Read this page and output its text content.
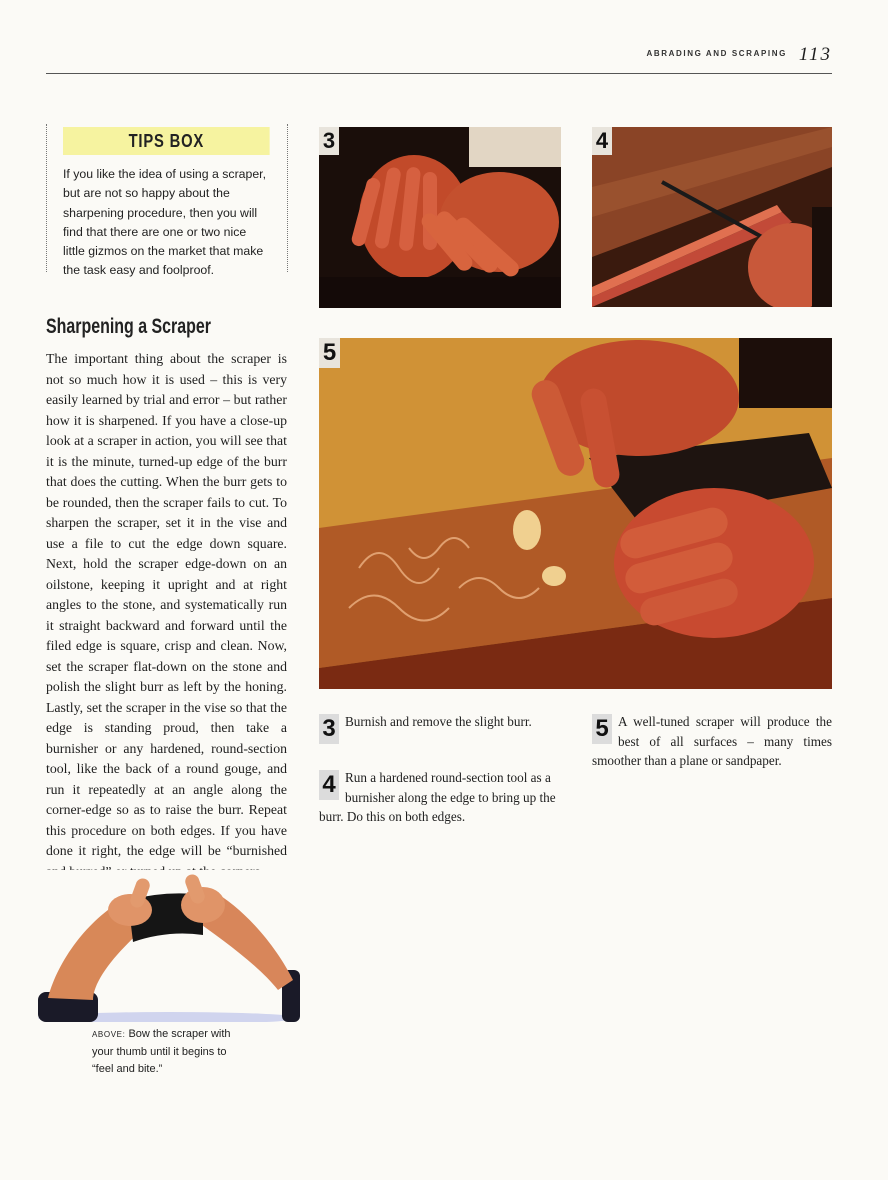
$^{ABRADING AND SCRAPING}$ 113
TIPS BOX

If you like the idea of using a scraper, but are not so happy about the sharpening procedure, then you will find that there are one or two nice little gizmos on the market that make the task easy and foolproof.

Sharpening a Scraper

The important thing about the scraper is not so much how it is used – this is very easily learned by trial and error – but rather how it is sharpened. If you have a close-up look at a scraper in action, you will see that it is the minute, turned-up edge of the burr that does the cutting. When the burr gets to be rounded, then the scraper fails to cut. To sharpen the scraper, set it in the vise and use a file to cut the edge down square. Next, hold the scraper edge-down on an oilstone, keeping it upright and at right angles to the stone, and systematically run it straight backward and forward until the filed edge is square, crisp and clean. Now, set the scraper flat-down on the stone and polish the slight burr as left by the honing. Lastly, set the scraper in the vise so that the edge is standing proud, then take a burnisher or any hardened, round-section tool, like the back of a round gouge, and run it repeatedly at an angle along the corner-edge so as to raise the burr. Repeat this procedure on both edges. If you have done it right, the edge will be “burnished

3	4
5
3 Burnish and remove the slight burr.
4 Run a hardened round-section tool as a burnisher along the edge to bring up the burr. Do this on both edges.
5 A well-tuned scraper will produce the best of all surfaces – many times smoother than a plane or sandpaper.
ABOVE: Bow the scraper with your thumb until it begins to “feel and bite.”
